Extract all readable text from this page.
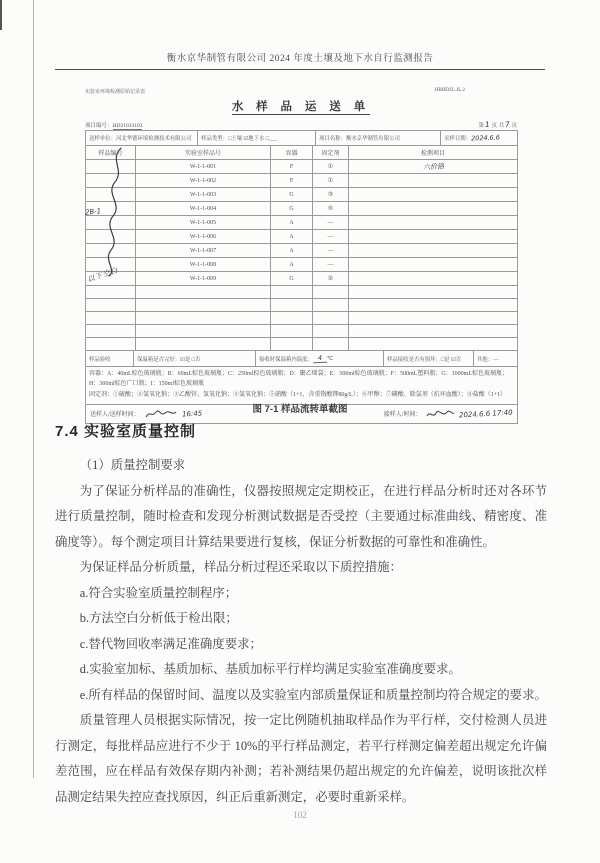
衡水京华制管有限公司 2024 年度土壤及地下水自行监测报告
实验室环境检测原始记录表	HBHDZL.JL.2
水 样 品 运 送 单
项目编号：HD21033103	第 1 页 共 7 页
送样单位：河北华德环境检测技术有限公司 样品类型：□土壤 ☑地下水 □___ 项目名称：衡水京华制管有限公司 采样日期： 2024.6.6				

样品编号	实验室样品号	容器	固定剂	检测项目
	W-1-1-001	F	①	六价铬
	W-1-1-002	F	①	
	W-1-1-003	G	③	
	W-1-1-004	G	⑤	
	W-1-1-005	A	—	
	W-1-1-006	A	—	
	W-1-1-007	A	—	
	W-1-1-008	A	—	
	W-1-1-009	G	②	

样品验收	保温箱是否完好：☑是 □否	接收时保温箱内温度： 4 ℃	样品接收是否有损坏：□是 ☑否	其他：—

容器：A：40mL棕色玻璃瓶；B：60mL棕色玻璃瓶；C：250ml棕色玻璃瓶；D：聚乙烯袋；E：500ml棕色玻璃瓶；F：500mL塑料瓶；G：1000mL棕色玻璃瓶；H：300ml棕色广口瓶；I：150ml棕色玻璃瓶
固定剂：①硫酸；②氢氧化钠；③乙酸锌、氢氧化钠；④氢氧化钠；⑤硝酸（1+1，含重铬酸钾80g/L）；⑥甲醇；⑦磷酸、除氯剂（抗坏血酸）；⑧盐酸（1+1）				

送样人/送样时间： 16:45 接样人/时间： 2024.6.6 17:40				
2B-1
以下空白
图 7-1 样品流转单截图
7.4 实验室质量控制

（1）质量控制要求

为了保证分析样品的准确性，仪器按照规定定期校正，在进行样品分析时还对各环节进行质量控制，随时检查和发现分析测试数据是否受控（主要通过标准曲线、精密度、准确度等）。每个测定项目计算结果要进行复核，保证分析数据的可靠性和准确性。

为保证样品分析质量，样品分析过程还采取以下质控措施：

a.符合实验室质量控制程序；

b.方法空白分析低于检出限；

c.替代物回收率满足准确度要求；

d.实验室加标、基质加标、基质加标平行样均满足实验室准确度要求。

e.所有样品的保留时间、温度以及实验室内部质量保证和质量控制均符合规定的要求。

质量管理人员根据实际情况，按一定比例随机抽取样品作为平行样，交付检测人员进行测定，每批样品应进行不少于 10%的平行样品测定，若平行样测定偏差超出规定允许偏差范围，应在样品有效保存期内补测；若补测结果仍超出规定的允许偏差，说明该批次样品测定结果失控应查找原因，纠正后重新测定，必要时重新采样。

102
